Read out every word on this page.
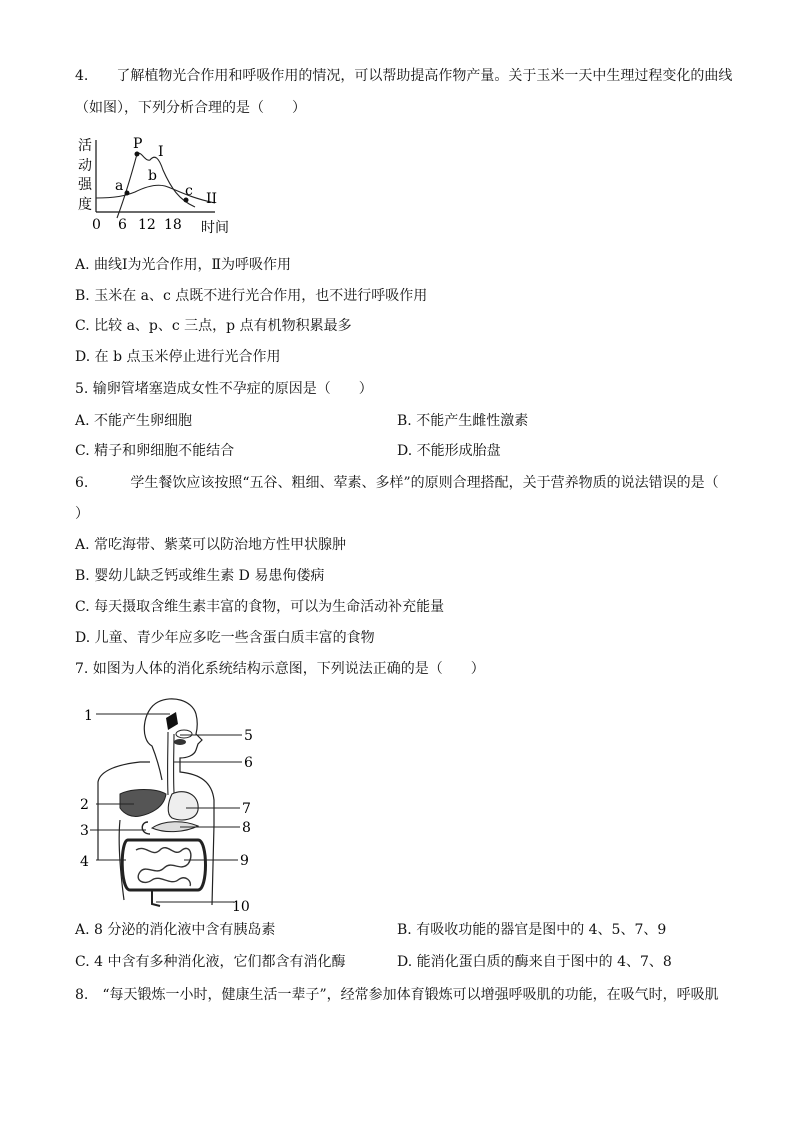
4.　　了解植物光合作用和呼吸作用的情况，可以帮助提高作物产量。关于玉米一天中生理过程变化的曲线
（如图），下列分析合理的是（　　）
活
动
强
度
P
a
b
c
I
II
0 6 12 18 时间
A. 曲线Ⅰ为光合作用，Ⅱ为呼吸作用
B. 玉米在 a、c 点既不进行光合作用，也不进行呼吸作用
C. 比较 a、p、c 三点，p 点有机物积累最多
D. 在 b 点玉米停止进行光合作用
5. 输卵管堵塞造成女性不孕症的原因是（　　）
A. 不能产生卵细胞	B. 不能产生雌性激素
C. 精子和卵细胞不能结合	D. 不能形成胎盘
6.　　　学生餐饮应该按照“五谷、粗细、荤素、多样”的原则合理搭配，关于营养物质的说法错误的是（
）
A. 常吃海带、紫菜可以防治地方性甲状腺肿
B. 婴幼儿缺乏钙或维生素 D 易患佝偻病
C. 每天摄取含维生素丰富的食物，可以为生命活动补充能量
D. 儿童、青少年应多吃一些含蛋白质丰富的食物
7. 如图为人体的消化系统结构示意图，下列说法正确的是（　　）
1
2
3
4
5
6
7
8
9
10
A. 8 分泌的消化液中含有胰岛素	B. 有吸收功能的器官是图中的 4、5、7、9
C. 4 中含有多种消化液，它们都含有消化酶	D. 能消化蛋白质的酶来自于图中的 4、7、8
8.　“每天锻炼一小时，健康生活一辈子”，经常参加体育锻炼可以增强呼吸肌的功能，在吸气时，呼吸肌
